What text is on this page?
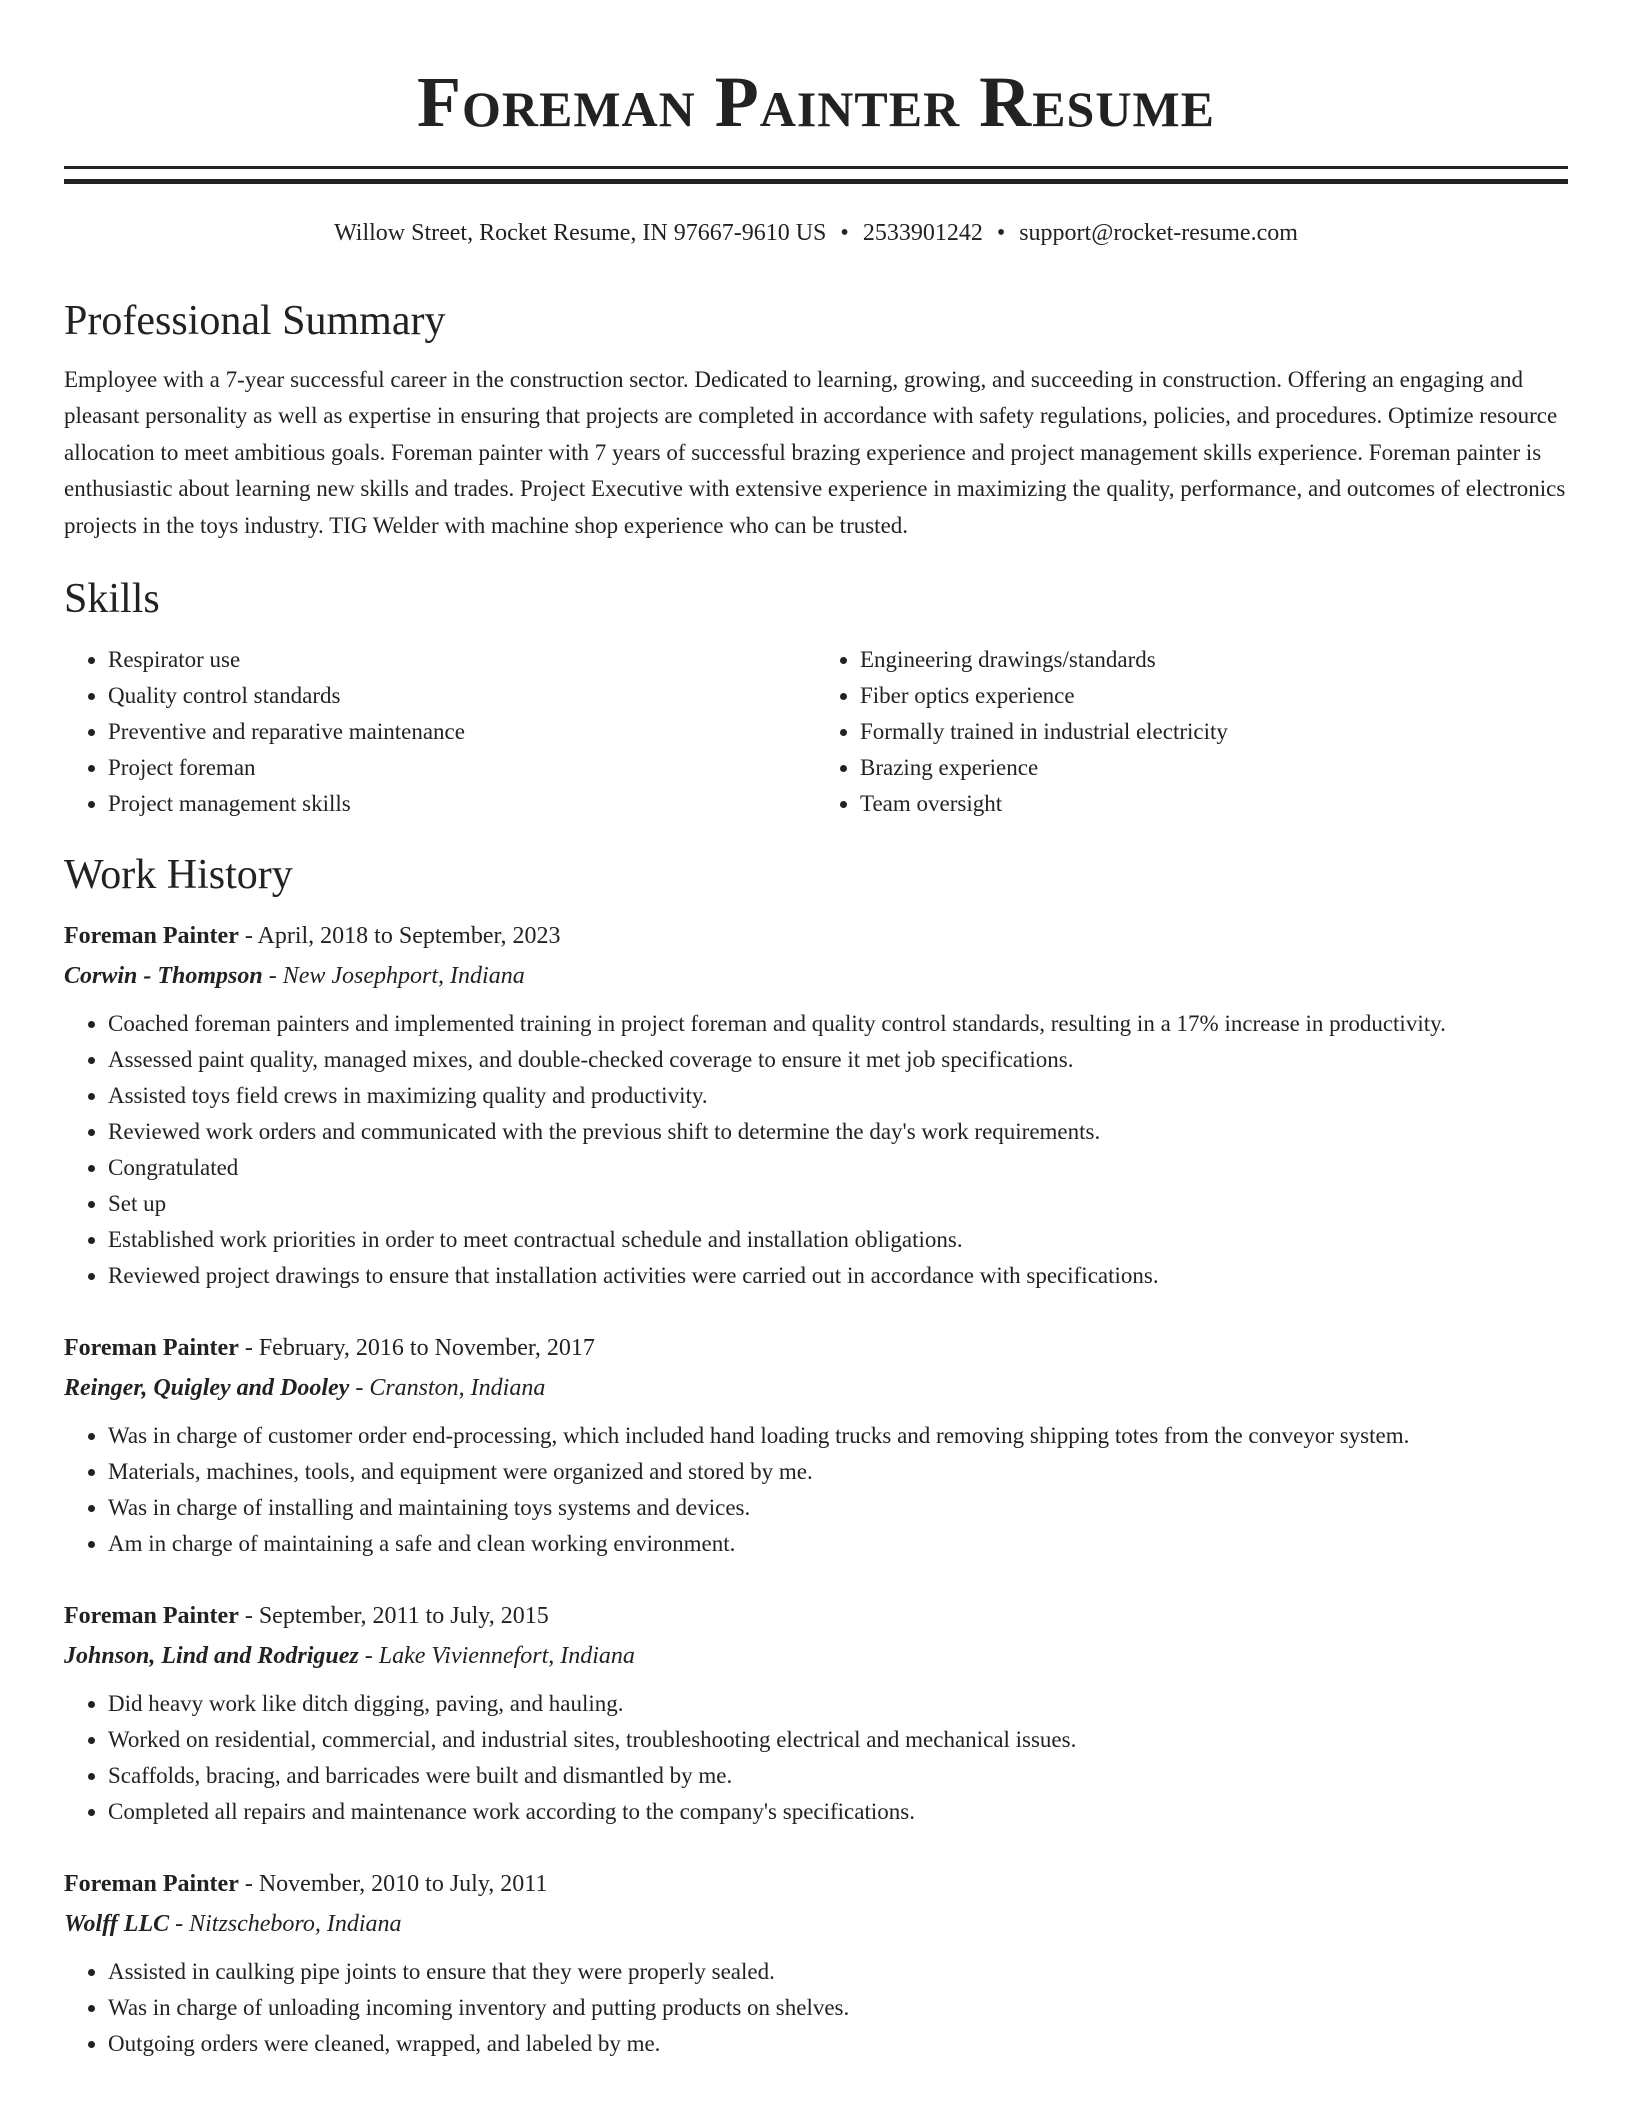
Foreman Painter Resume
Willow Street, Rocket Resume, IN 97667-9610 US • 2533901242 • support@rocket-resume.com
Professional Summary

Employee with a 7-year successful career in the construction sector. Dedicated to learning, growing, and succeeding in construction. Offering an engaging and pleasant personality as well as expertise in ensuring that projects are completed in accordance with safety regulations, policies, and procedures. Optimize resource allocation to meet ambitious goals. Foreman painter with 7 years of successful brazing experience and project management skills experience. Foreman painter is enthusiastic about learning new skills and trades. Project Executive with extensive experience in maximizing the quality, performance, and outcomes of electronics projects in the toys industry. TIG Welder with machine shop experience who can be trusted.

Skills
• Respirator use
• Quality control standards
• Preventive and reparative maintenance
• Project foreman
• Project management skills
• Engineering drawings/standards
• Fiber optics experience
• Formally trained in industrial electricity
• Brazing experience
• Team oversight
Work History
Foreman Painter - April, 2018 to September, 2023
Corwin - Thompson - New Josephport, Indiana
• Coached foreman painters and implemented training in project foreman and quality control standards, resulting in a 17% increase in productivity.
• Assessed paint quality, managed mixes, and double-checked coverage to ensure it met job specifications.
• Assisted toys field crews in maximizing quality and productivity.
• Reviewed work orders and communicated with the previous shift to determine the day's work requirements.
• Congratulated
• Set up
• Established work priorities in order to meet contractual schedule and installation obligations.
• Reviewed project drawings to ensure that installation activities were carried out in accordance with specifications.
Foreman Painter - February, 2016 to November, 2017
Reinger, Quigley and Dooley - Cranston, Indiana
• Was in charge of customer order end-processing, which included hand loading trucks and removing shipping totes from the conveyor system.
• Materials, machines, tools, and equipment were organized and stored by me.
• Was in charge of installing and maintaining toys systems and devices.
• Am in charge of maintaining a safe and clean working environment.
Foreman Painter - September, 2011 to July, 2015
Johnson, Lind and Rodriguez - Lake Viviennefort, Indiana
• Did heavy work like ditch digging, paving, and hauling.
• Worked on residential, commercial, and industrial sites, troubleshooting electrical and mechanical issues.
• Scaffolds, bracing, and barricades were built and dismantled by me.
• Completed all repairs and maintenance work according to the company's specifications.
Foreman Painter - November, 2010 to July, 2011
Wolff LLC - Nitzscheboro, Indiana
• Assisted in caulking pipe joints to ensure that they were properly sealed.
• Was in charge of unloading incoming inventory and putting products on shelves.
• Outgoing orders were cleaned, wrapped, and labeled by me.
